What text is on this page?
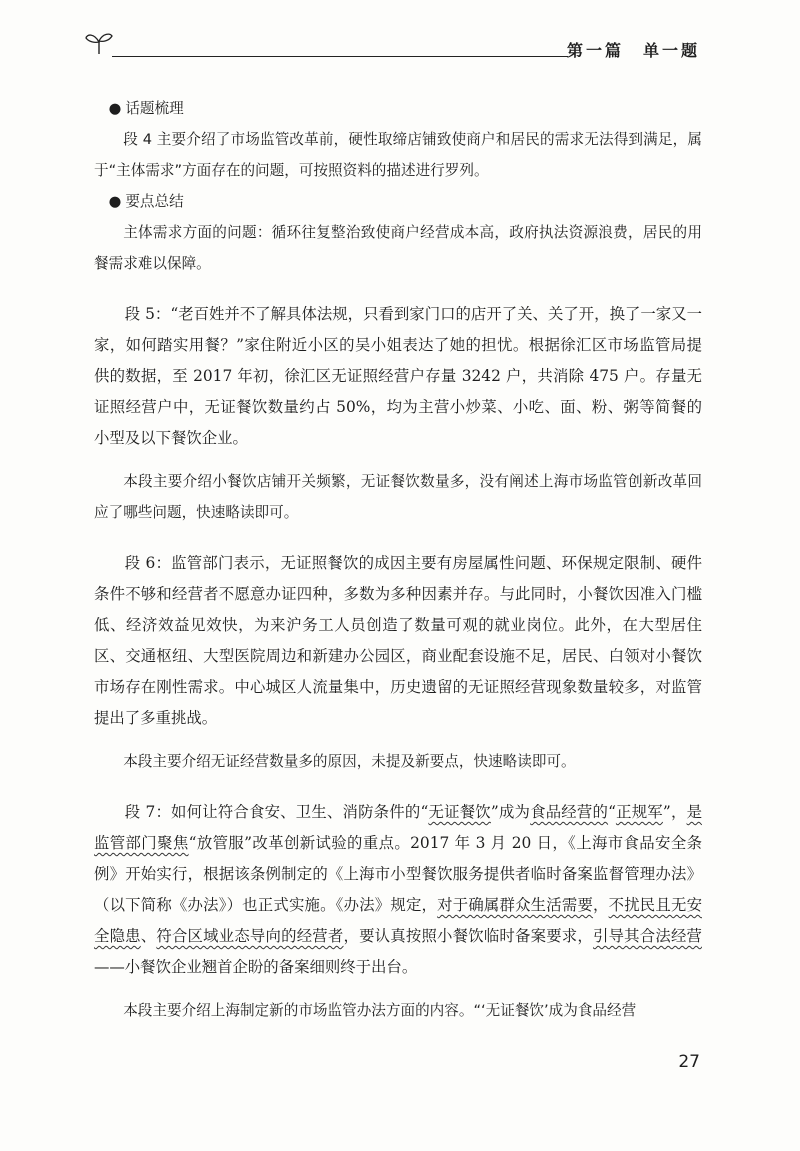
第一篇　单一题

● 话题梳理

段 4 主要介绍了市场监管改革前，硬性取缔店铺致使商户和居民的需求无法得到满足，属于“主体需求”方面存在的问题，可按照资料的描述进行罗列。

● 要点总结

主体需求方面的问题：循环往复整治致使商户经营成本高，政府执法资源浪费，居民的用餐需求难以保障。

段 5：“老百姓并不了解具体法规，只看到家门口的店开了关、关了开，换了一家又一家，如何踏实用餐？”家住附近小区的吴小姐表达了她的担忧。根据徐汇区市场监管局提供的数据，至 2017 年初，徐汇区无证照经营户存量 3242 户，共消除 475 户。存量无证照经营户中，无证餐饮数量约占 50%，均为主营小炒菜、小吃、面、粉、粥等简餐的小型及以下餐饮企业。

本段主要介绍小餐饮店铺开关频繁，无证餐饮数量多，没有阐述上海市场监管创新改革回应了哪些问题，快速略读即可。

段 6：监管部门表示，无证照餐饮的成因主要有房屋属性问题、环保规定限制、硬件条件不够和经营者不愿意办证四种，多数为多种因素并存。与此同时，小餐饮因准入门槛低、经济效益见效快，为来沪务工人员创造了数量可观的就业岗位。此外，在大型居住区、交通枢纽、大型医院周边和新建办公园区，商业配套设施不足，居民、白领对小餐饮市场存在刚性需求。中心城区人流量集中，历史遗留的无证照经营现象数量较多，对监管提出了多重挑战。

本段主要介绍无证经营数量多的原因，未提及新要点，快速略读即可。

段 7：如何让符合食安、卫生、消防条件的“无证餐饮”成为食品经营的“正规军”，是监管部门聚焦“放管服”改革创新试验的重点。2017 年 3 月 20 日，《上海市食品安全条例》开始实行，根据该条例制定的《上海市小型餐饮服务提供者临时备案监督管理办法》（以下简称《办法》）也正式实施。《办法》规定，对于确属群众生活需要，不扰民且无安全隐患、符合区域业态导向的经营者，要认真按照小餐饮临时备案要求，引导其合法经营——小餐饮企业翘首企盼的备案细则终于出台。

本段主要介绍上海制定新的市场监管办法方面的内容。“‘无证餐饮’成为食品经营

27
